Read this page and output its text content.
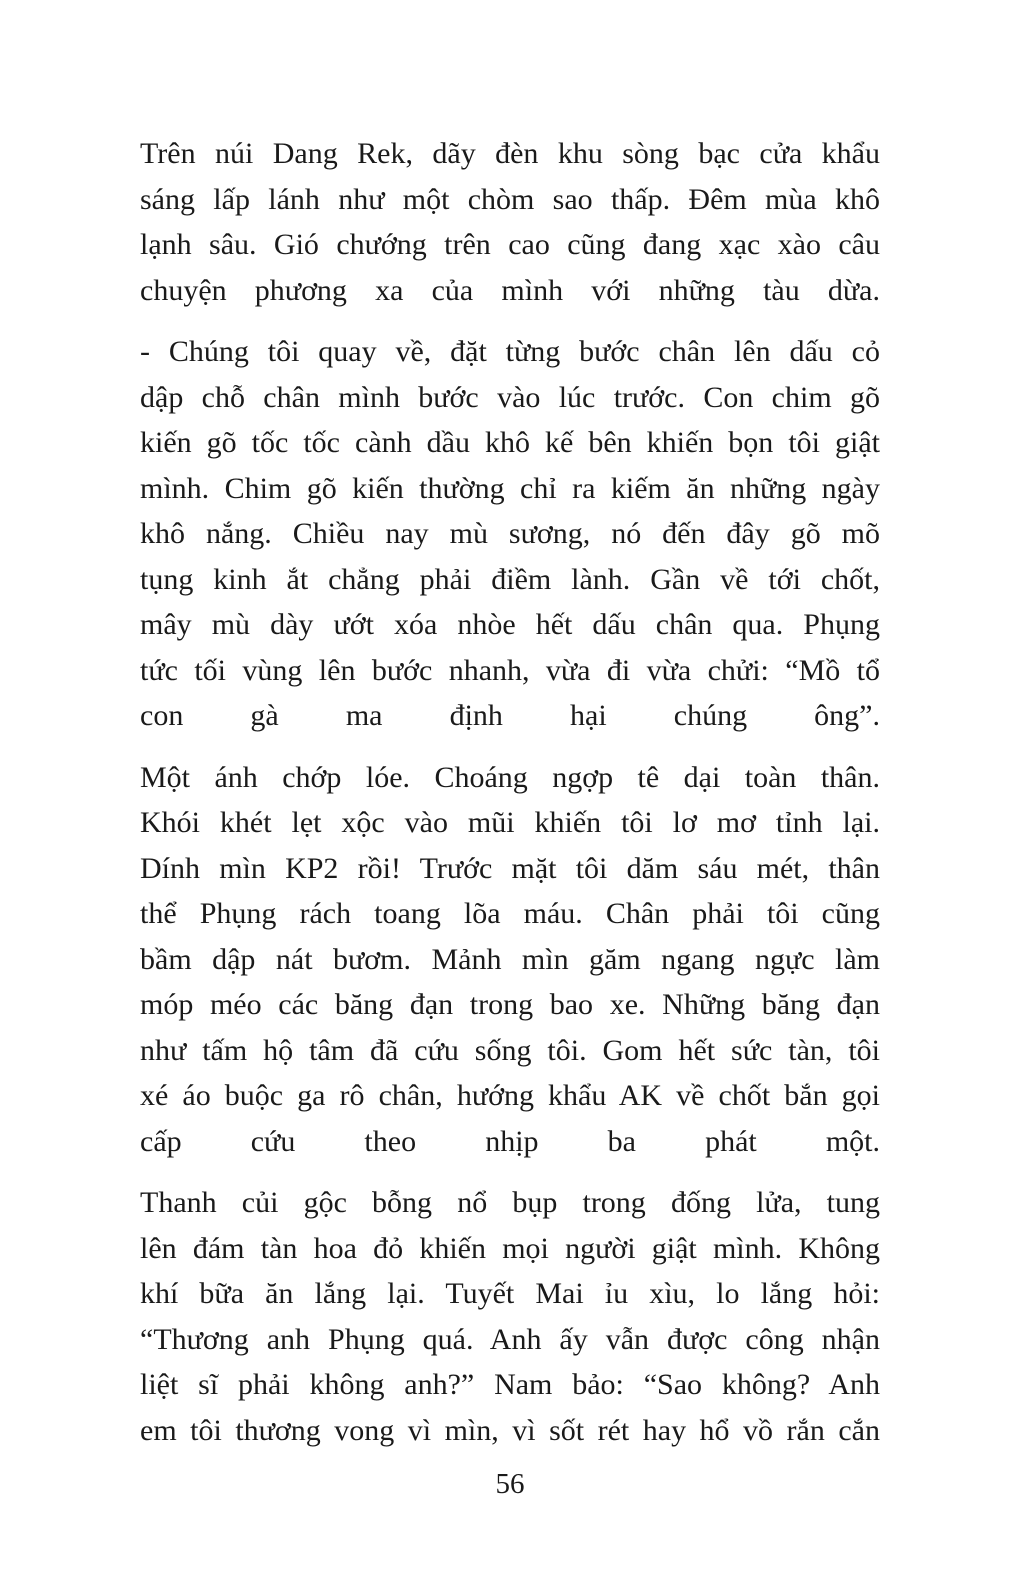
Trên núi Dang Rek, dãy đèn khu sòng bạc cửa khẩu
sáng lấp lánh như một chòm sao thấp. Đêm mùa khô
lạnh sâu. Gió chướng trên cao cũng đang xạc xào câu
chuyện phương xa của mình với những tàu dừa.

- Chúng tôi quay về, đặt từng bước chân lên dấu cỏ
dập chỗ chân mình bước vào lúc trước. Con chim gõ
kiến gõ tốc tốc cành dầu khô kế bên khiến bọn tôi giật
mình. Chim gõ kiến thường chỉ ra kiếm ăn những ngày
khô nắng. Chiều nay mù sương, nó đến đây gõ mõ
tụng kinh ắt chẳng phải điềm lành. Gần về tới chốt,
mây mù dày ướt xóa nhòe hết dấu chân qua. Phụng
tức tối vùng lên bước nhanh, vừa đi vừa chửi: “Mồ tổ
con gà ma định hại chúng ông”.

Một ánh chớp lóe. Choáng ngợp tê dại toàn thân.
Khói khét lẹt xộc vào mũi khiến tôi lơ mơ tỉnh lại.
Dính mìn KP2 rồi! Trước mặt tôi dăm sáu mét, thân
thể Phụng rách toang lõa máu. Chân phải tôi cũng
bầm dập nát bươm. Mảnh mìn găm ngang ngực làm
móp méo các băng đạn trong bao xe. Những băng đạn
như tấm hộ tâm đã cứu sống tôi. Gom hết sức tàn, tôi
xé áo buộc ga rô chân, hướng khẩu AK về chốt bắn gọi
cấp cứu theo nhịp ba phát một.

Thanh củi gộc bỗng nổ bụp trong đống lửa, tung
lên đám tàn hoa đỏ khiến mọi người giật mình. Không
khí bữa ăn lắng lại. Tuyết Mai ỉu xìu, lo lắng hỏi:
“Thương anh Phụng quá. Anh ấy vẫn được công nhận
liệt sĩ phải không anh?” Nam bảo: “Sao không? Anh
em tôi thương vong vì mìn, vì sốt rét hay hổ vồ rắn cắn

56
